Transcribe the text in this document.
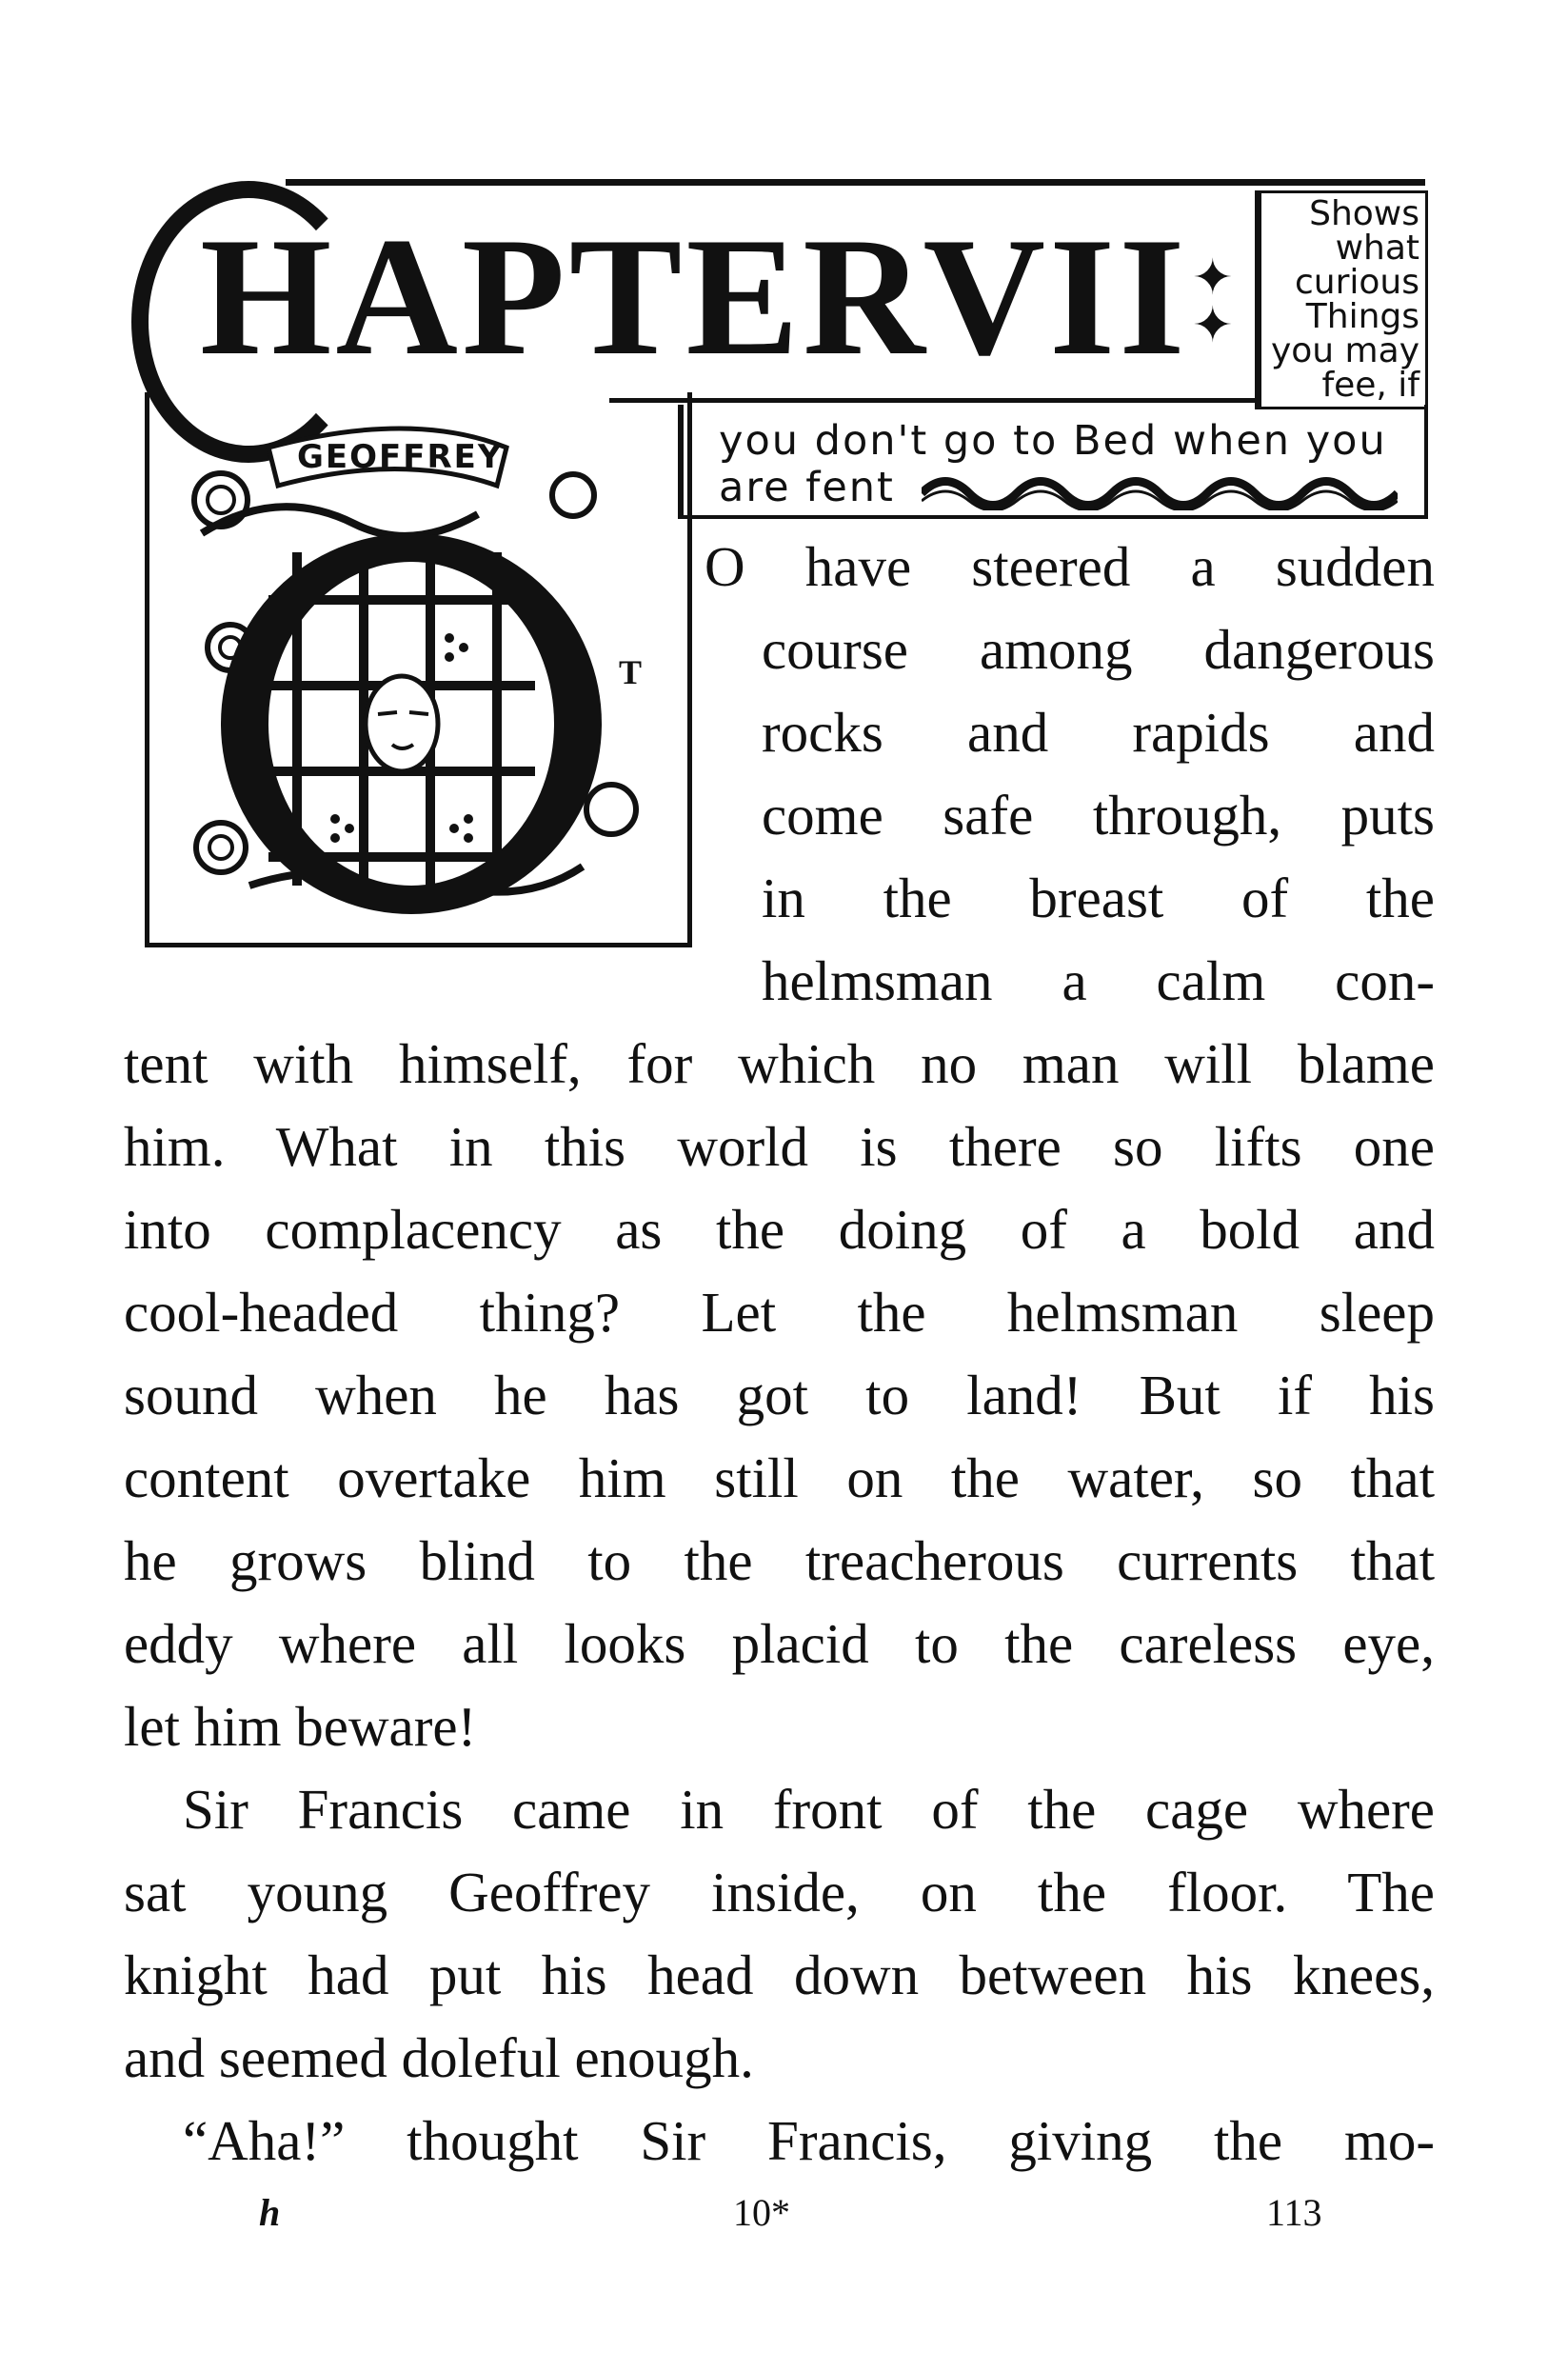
HAPTERVII ✦
✦
Shows
what
curious
Things
you may
fee, if
you don't go to Bed when you
are fent
GEOFFREY
T
O have steered a sudden
course among dangerous
rocks and rapids and
come safe through, puts
in the breast of the
helmsman a calm con-
tent with himself, for which no man will blame
him. What in this world is there so lifts one
into complacency as the doing of a bold and
cool-headed thing? Let the helmsman sleep
sound when he has got to land! But if his
content overtake him still on the water, so that
he grows blind to the treacherous currents that
eddy where all looks placid to the careless eye,
let him beware!
Sir Francis came in front of the cage where
sat young Geoffrey inside, on the floor. The
knight had put his head down between his knees,
and seemed doleful enough.
“Aha!” thought Sir Francis, giving the mo-
h	10*	113
